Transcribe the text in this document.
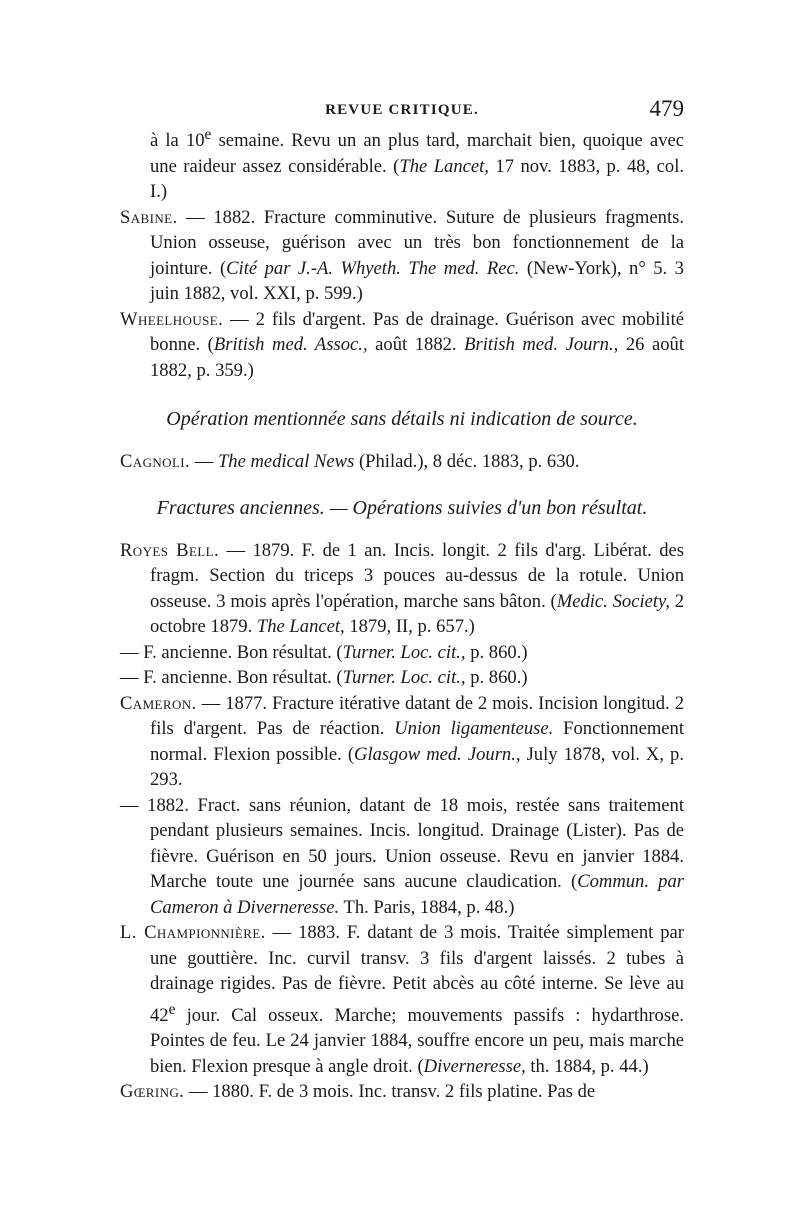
REVUE CRITIQUE.	479

à la 10e semaine. Revu un an plus tard, marchait bien, quoique avec une raideur assez considérable. (The Lancet, 17 nov. 1883, p. 48, col. I.)

Sabine. — 1882. Fracture comminutive. Suture de plusieurs fragments. Union osseuse, guérison avec un très bon fonctionnement de la jointure. (Cité par J.-A. Whyeth. The med. Rec. (New-York), n° 5. 3 juin 1882, vol. XXI, p. 599.)

Wheelhouse. — 2 fils d'argent. Pas de drainage. Guérison avec mobilité bonne. (British med. Assoc., août 1882. British med. Journ., 26 août 1882, p. 359.)

Opération mentionnée sans détails ni indication de source.

Cagnoli. — The medical News (Philad.), 8 déc. 1883, p. 630.

Fractures anciennes. — Opérations suivies d'un bon résultat.

Royes Bell. — 1879. F. de 1 an. Incis. longit. 2 fils d'arg. Libérat. des fragm. Section du triceps 3 pouces au-dessus de la rotule. Union osseuse. 3 mois après l'opération, marche sans bâton. (Medic. Society, 2 octobre 1879. The Lancet, 1879, II, p. 657.)

— F. ancienne. Bon résultat. (Turner. Loc. cit., p. 860.)

— F. ancienne. Bon résultat. (Turner. Loc. cit., p. 860.)

Cameron. — 1877. Fracture itérative datant de 2 mois. Incision longitud. 2 fils d'argent. Pas de réaction. Union ligamenteuse. Fonctionnement normal. Flexion possible. (Glasgow med. Journ., July 1878, vol. X, p. 293.

— 1882. Fract. sans réunion, datant de 18 mois, restée sans traitement pendant plusieurs semaines. Incis. longitud. Drainage (Lister). Pas de fièvre. Guérison en 50 jours. Union osseuse. Revu en janvier 1884. Marche toute une journée sans aucune claudication. (Commun. par Cameron à Diverneresse. Th. Paris, 1884, p. 48.)

L. Championnière. — 1883. F. datant de 3 mois. Traitée simplement par une gouttière. Inc. curvil transv. 3 fils d'argent laissés. 2 tubes à drainage rigides. Pas de fièvre. Petit abcès au côté interne. Se lève au 42e jour. Cal osseux. Marche; mouvements passifs : hydarthrose. Pointes de feu. Le 24 janvier 1884, souffre encore un peu, mais marche bien. Flexion presque à angle droit. (Diverneresse, th. 1884, p. 44.)

Gœring. — 1880. F. de 3 mois. Inc. transv. 2 fils platine. Pas de
